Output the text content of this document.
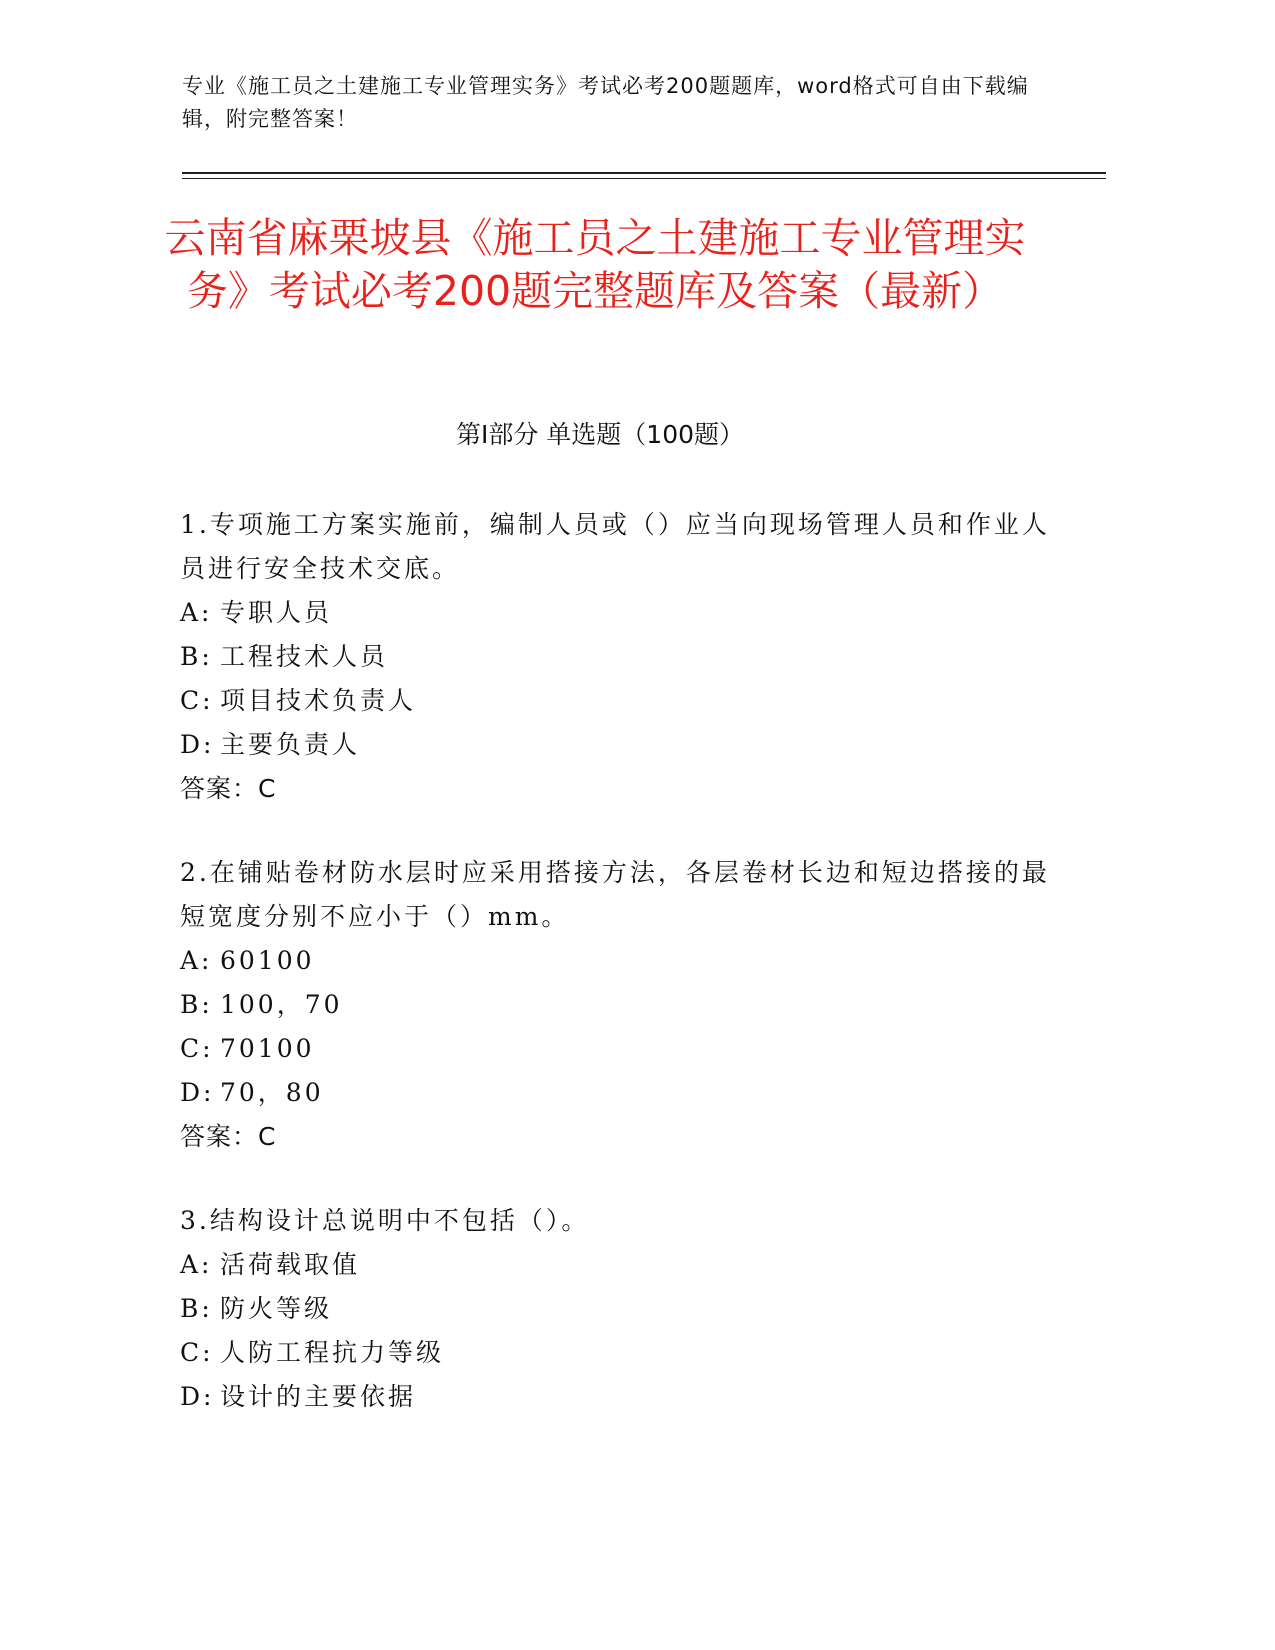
专业《施工员之土建施工专业管理实务》考试必考200题题库，word格式可自由下载编辑，附完整答案！
云南省麻栗坡县《施工员之土建施工专业管理实务》考试必考200题完整题库及答案（最新）
第I部分 单选题（100题）
1.专项施工方案实施前，编制人员或（）应当向现场管理人员和作业人员进行安全技术交底。
A: 专职人员
B: 工程技术人员
C: 项目技术负责人
D: 主要负责人
答案：C
2.在铺贴卷材防水层时应采用搭接方法，各层卷材长边和短边搭接的最短宽度分别不应小于（）mm。
A: 60100
B: 100，70
C: 70100
D: 70，80
答案：C
3.结构设计总说明中不包括（）。
A: 活荷载取值
B: 防火等级
C: 人防工程抗力等级
D: 设计的主要依据
